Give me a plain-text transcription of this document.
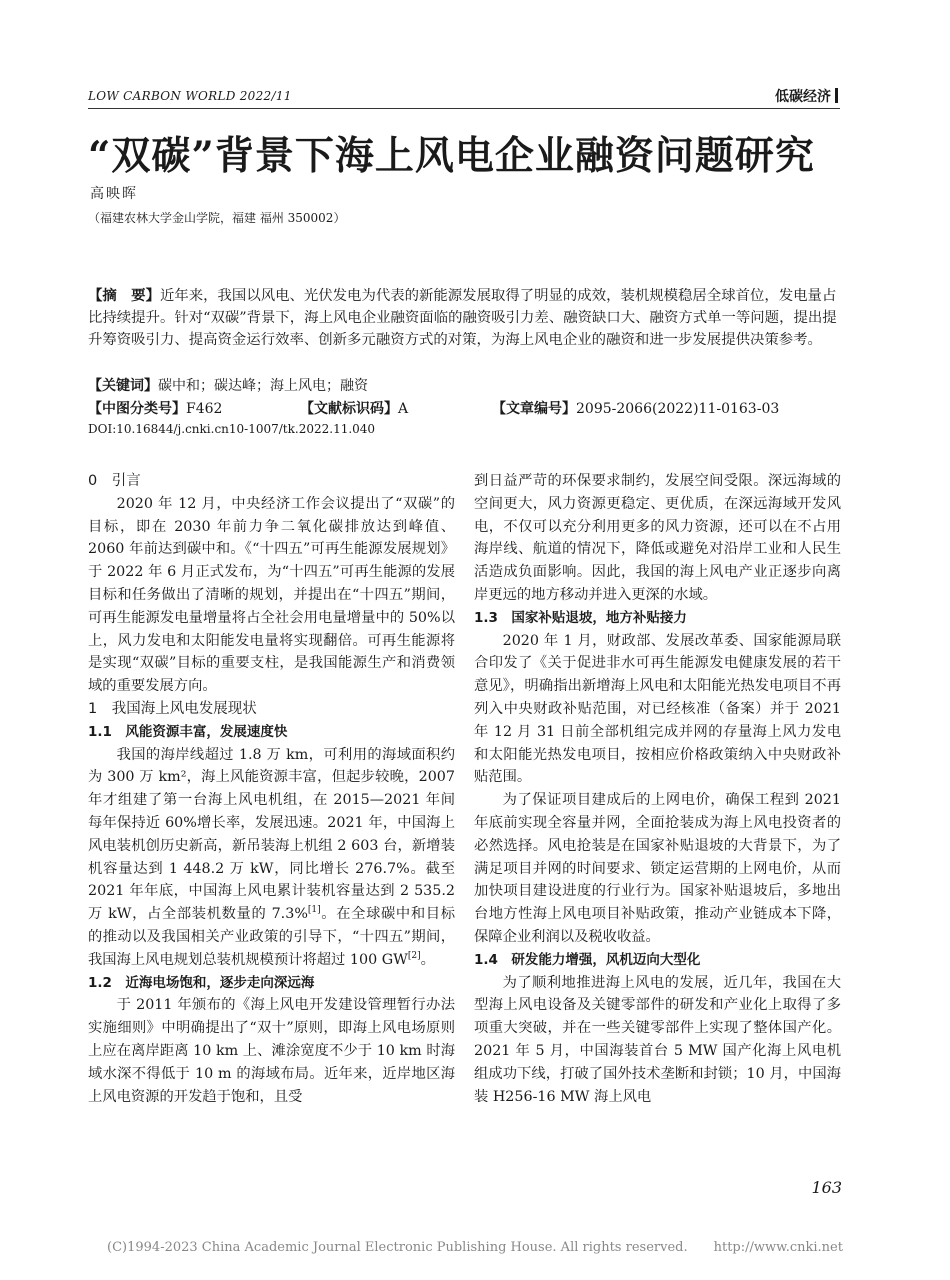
LOW CARBON WORLD 2022/11	低碳经济
“双碳”背景下海上风电企业融资问题研究
高映晖
（福建农林大学金山学院，福建 福州 350002）
【摘　要】近年来，我国以风电、光伏发电为代表的新能源发展取得了明显的成效，装机规模稳居全球首位，发电量占比持续提升。针对“双碳”背景下，海上风电企业融资面临的融资吸引力差、融资缺口大、融资方式单一等问题，提出提升筹资吸引力、提高资金运行效率、创新多元融资方式的对策，为海上风电企业的融资和进一步发展提供决策参考。
【关键词】碳中和；碳达峰；海上风电；融资
【中图分类号】F462	【文献标识码】A	【文章编号】2095-2066(2022)11-0163-03
DOI:10.16844/j.cnki.cn10-1007/tk.2022.11.040

0　引言

2020 年 12 月，中央经济工作会议提出了“双碳”的目标，即在 2030 年前力争二氧化碳排放达到峰值、2060 年前达到碳中和。《“十四五”可再生能源发展规划》于 2022 年 6 月正式发布，为“十四五”可再生能源的发展目标和任务做出了清晰的规划，并提出在“十四五”期间，可再生能源发电量增量将占全社会用电量增量中的 50%以上，风力发电和太阳能发电量将实现翻倍。可再生能源将是实现“双碳”目标的重要支柱，是我国能源生产和消费领域的重要发展方向。

1　我国海上风电发展现状

1.1　风能资源丰富，发展速度快

我国的海岸线超过 1.8 万 km，可利用的海域面积约为 300 万 km²，海上风能资源丰富，但起步较晚，2007 年才组建了第一台海上风电机组，在 2015—2021 年间每年保持近 60%增长率，发展迅速。2021 年，中国海上风电装机创历史新高，新吊装海上机组 2 603 台，新增装机容量达到 1 448.2 万 kW，同比增长 276.7%。截至 2021 年年底，中国海上风电累计装机容量达到 2 535.2 万 kW，占全部装机数量的 7.3%[1]。在全球碳中和目标的推动以及我国相关产业政策的引导下，“十四五”期间，我国海上风电规划总装机规模预计将超过 100 GW[2]。

1.2　近海电场饱和，逐步走向深远海

于 2011 年颁布的《海上风电开发建设管理暂行办法实施细则》中明确提出了“双十”原则，即海上风电场原则上应在离岸距离 10 km 上、滩涂宽度不少于 10 km 时海域水深不得低于 10 m 的海域布局。近年来，近岸地区海上风电资源的开发趋于饱和，且受

到日益严苛的环保要求制约，发展空间受限。深远海域的空间更大，风力资源更稳定、更优质，在深远海域开发风电，不仅可以充分利用更多的风力资源，还可以在不占用海岸线、航道的情况下，降低或避免对沿岸工业和人民生活造成负面影响。因此，我国的海上风电产业正逐步向离岸更远的地方移动并进入更深的水域。

1.3　国家补贴退坡，地方补贴接力

2020 年 1 月，财政部、发展改革委、国家能源局联合印发了《关于促进非水可再生能源发电健康发展的若干意见》，明确指出新增海上风电和太阳能光热发电项目不再列入中央财政补贴范围，对已经核准（备案）并于 2021 年 12 月 31 日前全部机组完成并网的存量海上风力发电和太阳能光热发电项目，按相应价格政策纳入中央财政补贴范围。

为了保证项目建成后的上网电价，确保工程到 2021 年底前实现全容量并网，全面抢装成为海上风电投资者的必然选择。风电抢装是在国家补贴退坡的大背景下，为了满足项目并网的时间要求、锁定运营期的上网电价，从而加快项目建设进度的行业行为。国家补贴退坡后，多地出台地方性海上风电项目补贴政策，推动产业链成本下降，保障企业利润以及税收收益。

1.4　研发能力增强，风机迈向大型化

为了顺利地推进海上风电的发展，近几年，我国在大型海上风电设备及关键零部件的研发和产业化上取得了多项重大突破，并在一些关键零部件上实现了整体国产化。2021 年 5 月，中国海装首台 5 MW 国产化海上风电机组成功下线，打破了国外技术垄断和封锁；10 月，中国海装 H256-16 MW 海上风电

163
(C)1994-2023 China Academic Journal Electronic Publishing House. All rights reserved.　　http://www.cnki.net
